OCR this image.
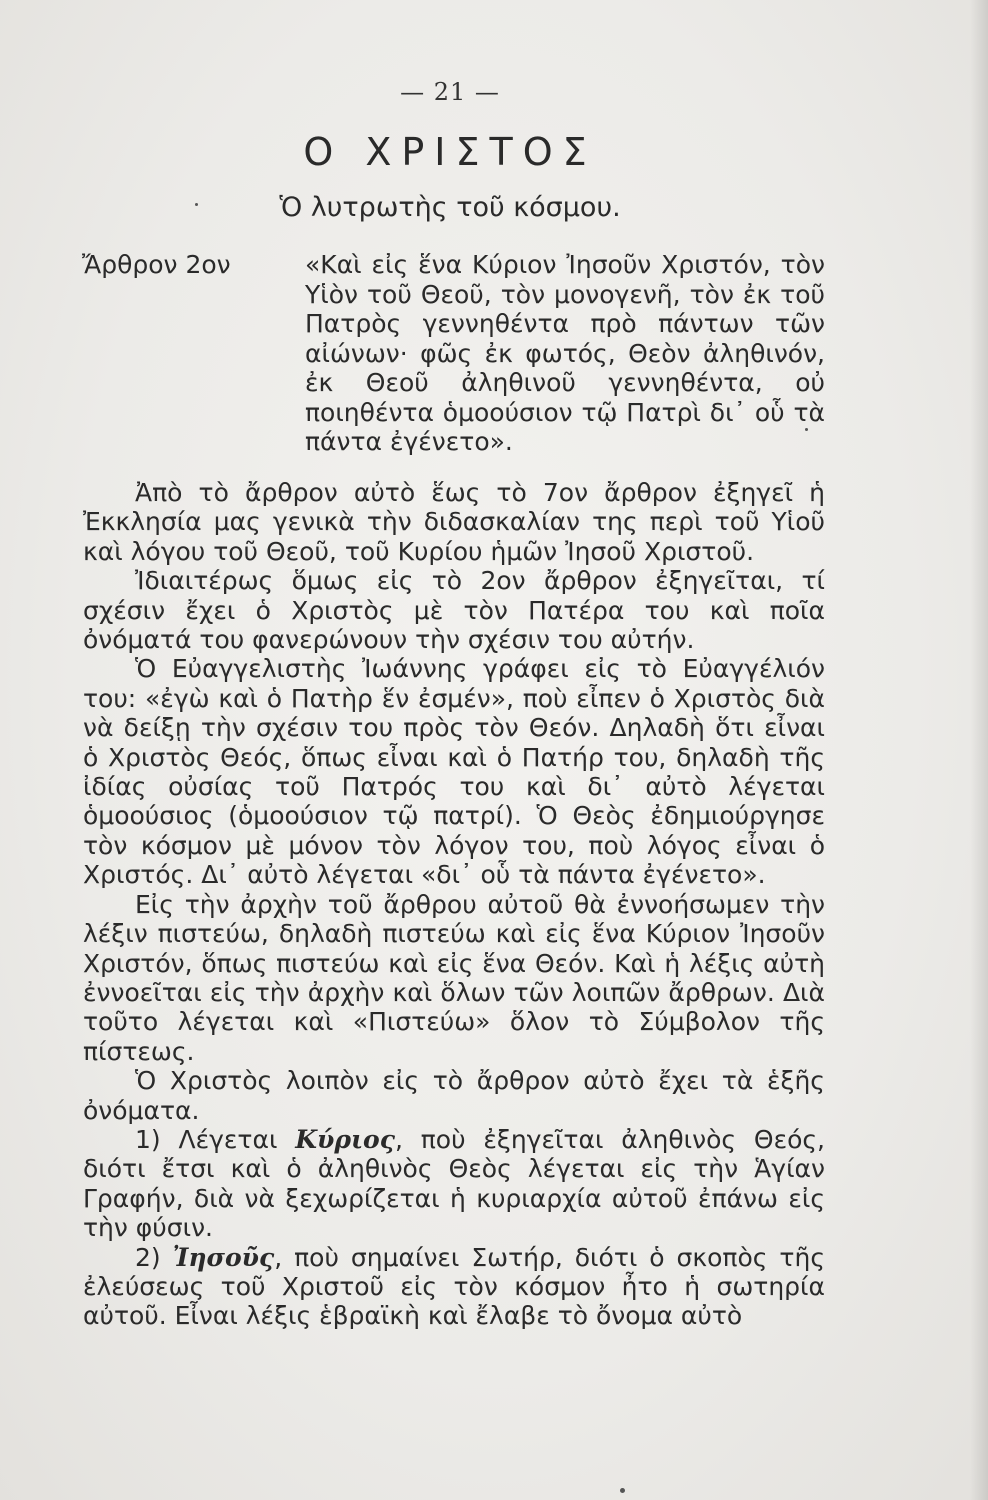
— 21 —
Ο ΧΡΙΣΤΟΣ
Ὁ λυτρωτὴς τοῦ κόσμου.
Ἄρθρον 2ον	«Καὶ εἰς ἕνα Κύριον Ἰησοῦν Χριστόν, τὸν Υἱὸν τοῦ Θεοῦ, τὸν μονογενῆ, τὸν ἐκ τοῦ Πατρὸς γεννηθέντα πρὸ πάντων τῶν αἰώνων· φῶς ἐκ φωτός, Θεὸν ἀληθινόν, ἐκ Θεοῦ ἀληθινοῦ γεννηθέντα, οὐ ποιηθέντα ὁμοούσιον τῷ Πατρὶ δι᾿ οὗ τὰ πάντα ἐγένετο».

Ἀπὸ τὸ ἄρθρον αὐτὸ ἕως τὸ 7ον ἄρθρον ἐξηγεῖ ἡ Ἐκκλησία μας γενικὰ τὴν διδασκαλίαν της περὶ τοῦ Υἱοῦ καὶ λόγου τοῦ Θεοῦ, τοῦ Κυρίου ἡμῶν Ἰησοῦ Χριστοῦ.

Ἰδιαιτέρως ὅμως εἰς τὸ 2ον ἄρθρον ἐξηγεῖται, τί σχέσιν ἔχει ὁ Χριστὸς μὲ τὸν Πατέρα του καὶ ποῖα ὀνόματά του φανερώνουν τὴν σχέσιν του αὐτήν.

Ὁ Εὐαγγελιστὴς Ἰωάννης γράφει εἰς τὸ Εὐαγγέλιόν του: «ἐγὼ καὶ ὁ Πατὴρ ἕν ἐσμέν», ποὺ εἶπεν ὁ Χριστὸς διὰ νὰ δείξῃ τὴν σχέσιν του πρὸς τὸν Θεόν. Δηλαδὴ ὅτι εἶναι ὁ Χριστὸς Θεός, ὅπως εἶναι καὶ ὁ Πατήρ του, δηλαδὴ τῆς ἰδίας οὐσίας τοῦ Πατρός του καὶ δι᾿ αὐτὸ λέγεται ὁμοούσιος (ὁμοούσιον τῷ πατρί). Ὁ Θεὸς ἐδημιούργησε τὸν κόσμον μὲ μόνον τὸν λόγον του, ποὺ λόγος εἶναι ὁ Χριστός. Δι᾿ αὐτὸ λέγεται «δι᾿ οὗ τὰ πάντα ἐγένετο».

Εἰς τὴν ἀρχὴν τοῦ ἄρθρου αὐτοῦ θὰ ἐννοήσωμεν τὴν λέξιν πιστεύω, δηλαδὴ πιστεύω καὶ εἰς ἕνα Κύριον Ἰησοῦν Χριστόν, ὅπως πιστεύω καὶ εἰς ἕνα Θεόν. Καὶ ἡ λέξις αὐτὴ ἐννοεῖται εἰς τὴν ἀρχὴν καὶ ὅλων τῶν λοιπῶν ἄρθρων. Διὰ τοῦτο λέγεται καὶ «Πιστεύω» ὅλον τὸ Σύμβολον τῆς πίστεως.

Ὁ Χριστὸς λοιπὸν εἰς τὸ ἄρθρον αὐτὸ ἔχει τὰ ἑξῆς ὀνόματα.

1) Λέγεται Κύριος, ποὺ ἐξηγεῖται ἀληθινὸς Θεός, διότι ἔτσι καὶ ὁ ἀληθινὸς Θεὸς λέγεται εἰς τὴν Ἁγίαν Γραφήν, διὰ νὰ ξεχωρίζεται ἡ κυριαρχία αὐτοῦ ἐπάνω εἰς τὴν φύσιν.

2) Ἰησοῦς, ποὺ σημαίνει Σωτήρ, διότι ὁ σκοπὸς τῆς ἐλεύσεως τοῦ Χριστοῦ εἰς τὸν κόσμον ἦτο ἡ σωτηρία αὐτοῦ. Εἶναι λέξις ἑβραϊκὴ καὶ ἔλαβε τὸ ὄνομα αὐτὸ
